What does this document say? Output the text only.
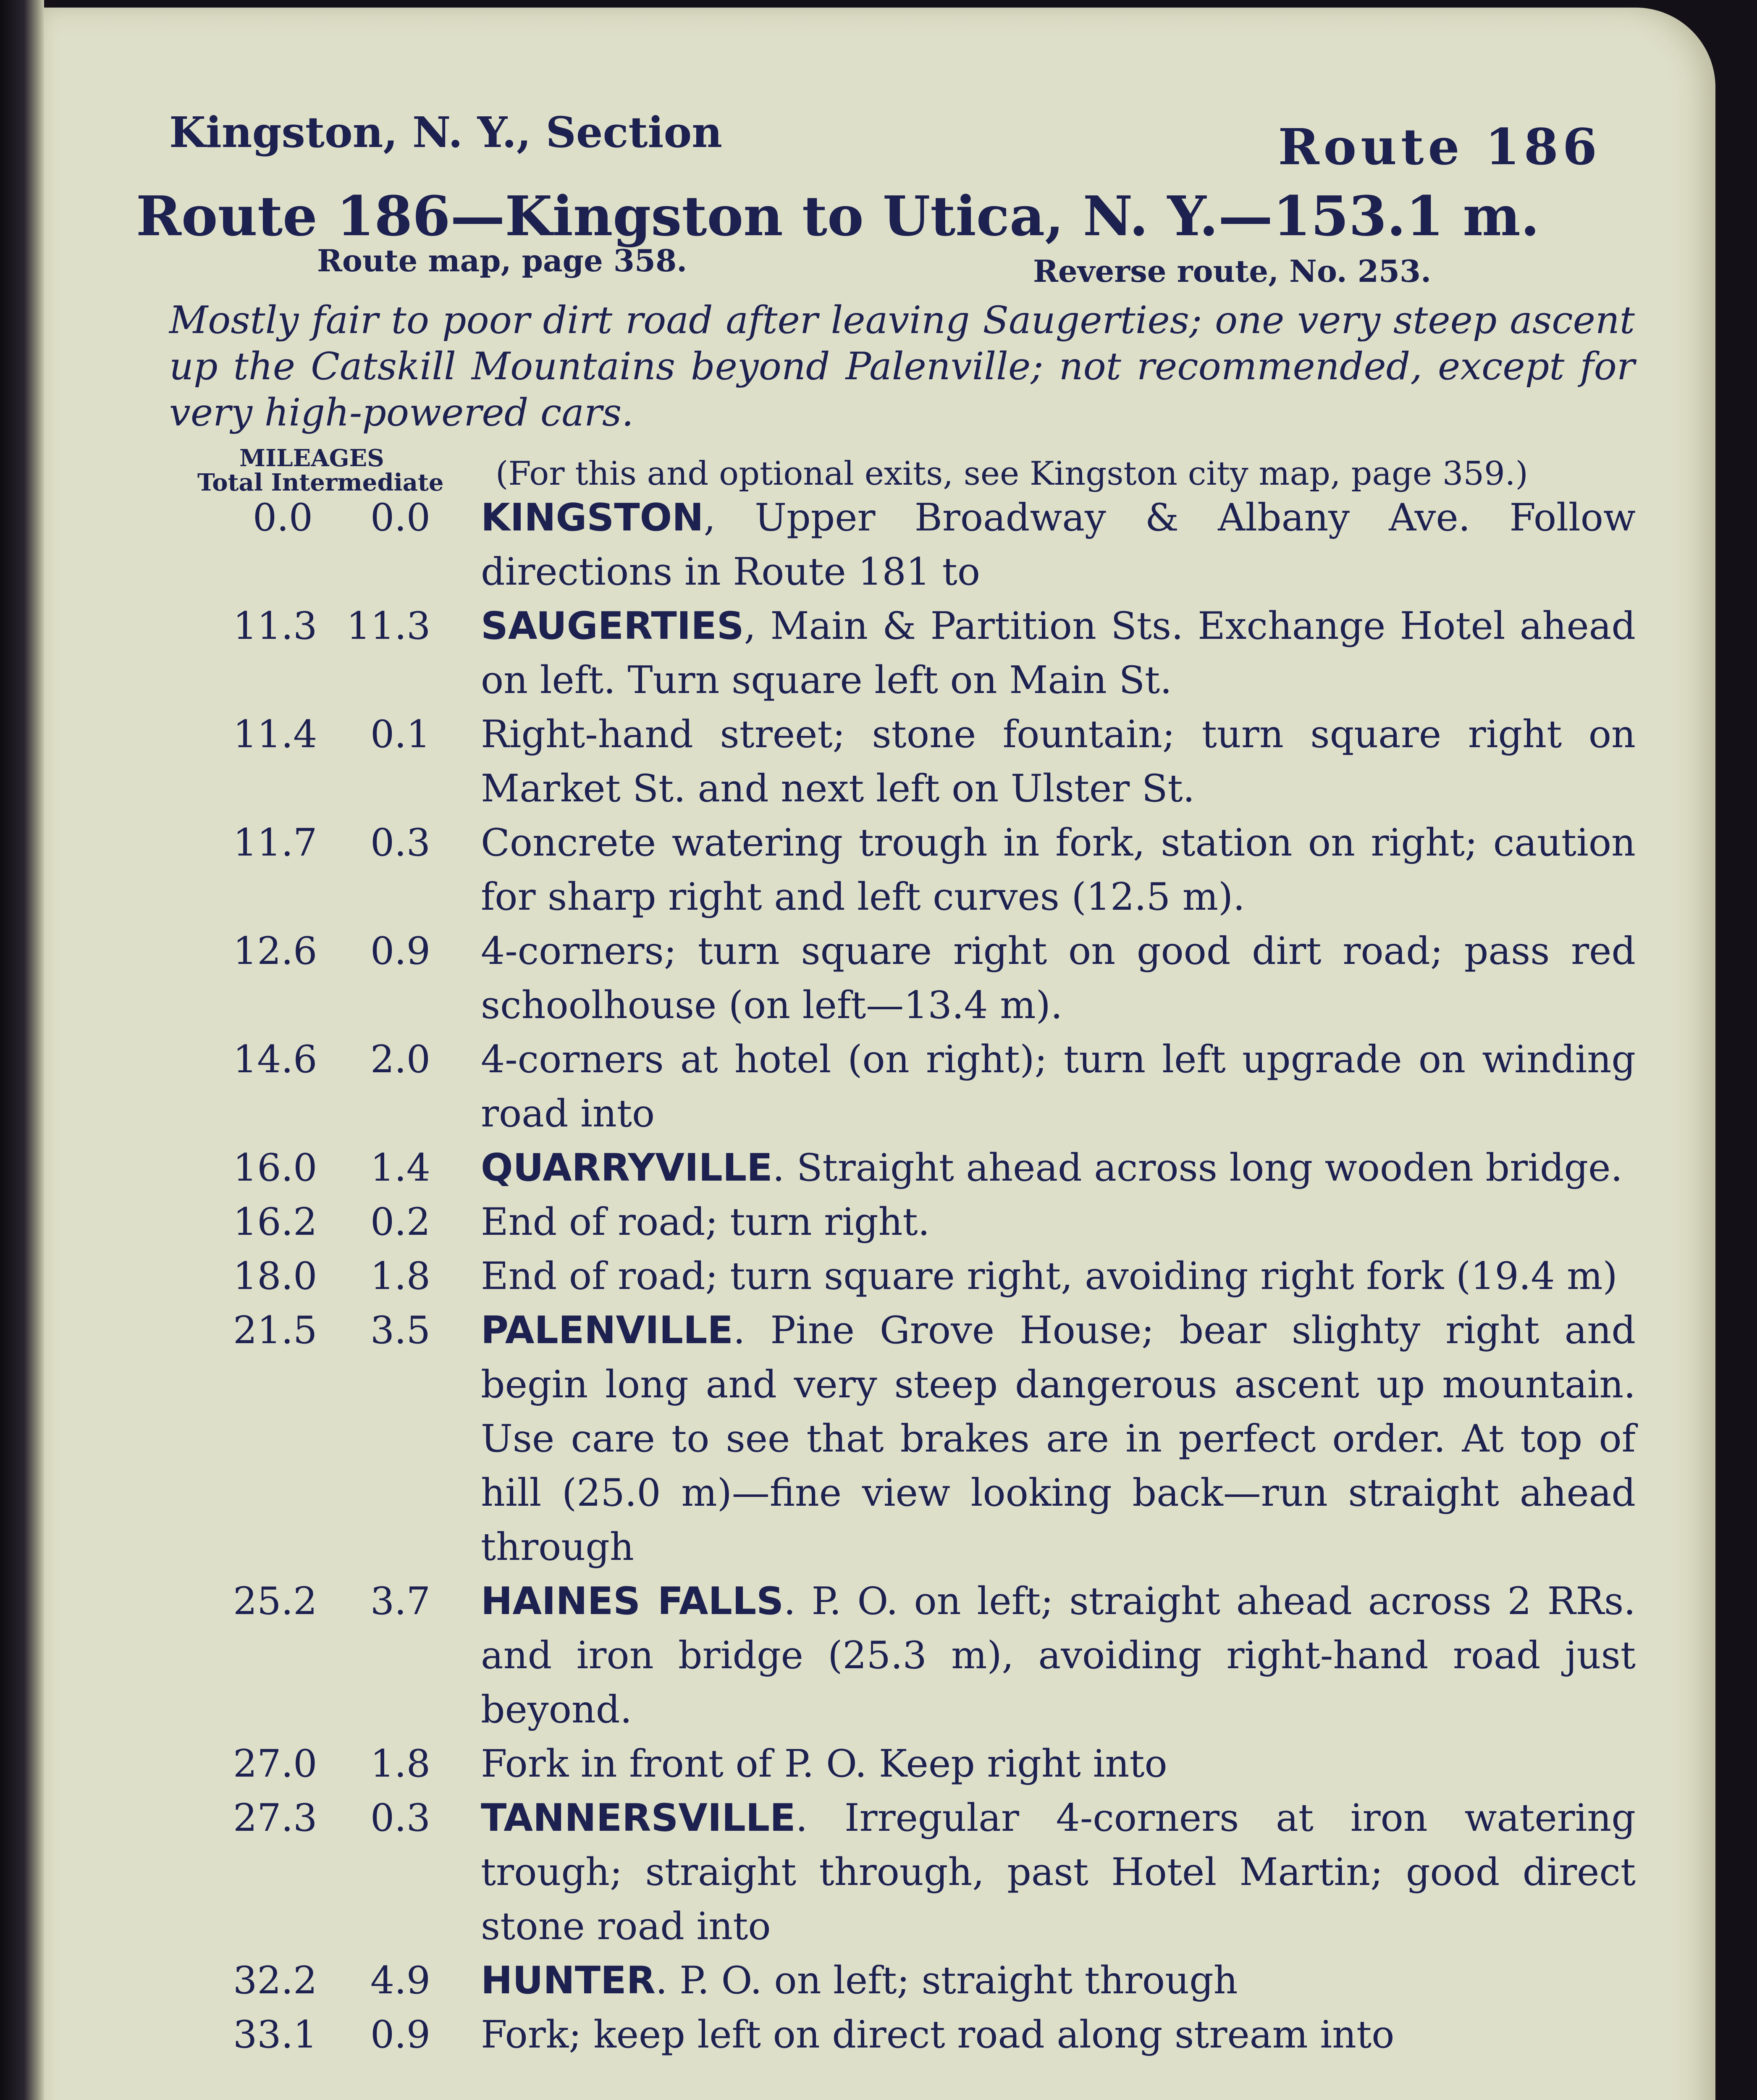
Kingston, N. Y., Section	Route 186
Route 186—Kingston to Utica, N. Y.—153.1 m.
Route map, page 358.	Reverse route, No. 253.
Mostly fair to poor dirt road after leaving Saugerties; one very steep ascent up the Catskill Mountains beyond Palenville; not recommended, except for very high-powered cars.
MILEAGES
Total Intermediate (For this and optional exits, see Kingston city map, page 359.)
0.0	0.0 KINGSTON, Upper Broadway & Albany Ave. Follow directions in Route 181 to
11.3 11.3 SAUGERTIES, Main & Partition Sts. Exchange Hotel ahead on left. Turn square left on Main St.
11.4	0.1 Right-hand street; stone fountain; turn square right on Market St. and next left on Ulster St.
11.7	0.3 Concrete watering trough in fork, station on right; caution for sharp right and left curves (12.5 m).
12.6	0.9 4-corners; turn square right on good dirt road; pass red schoolhouse (on left—13.4 m).
14.6	2.0 4-corners at hotel (on right); turn left upgrade on winding road into
16.0	1.4 QUARRYVILLE. Straight ahead across long wooden bridge.
16.2	0.2 End of road; turn right.
18.0	1.8 End of road; turn square right, avoiding right fork (19.4 m)
21.5	3.5 PALENVILLE. Pine Grove House; bear slighty right and begin long and very steep dangerous ascent up mountain. Use care to see that brakes are in perfect order. At top of hill (25.0 m)—fine view looking back—run straight ahead through
25.2	3.7 HAINES FALLS. P. O. on left; straight ahead across 2 RRs. and iron bridge (25.3 m), avoiding right-hand road just beyond.
27.0	1.8 Fork in front of P. O. Keep right into
27.3	0.3 TANNERSVILLE. Irregular 4-corners at iron watering trough; straight through, past Hotel Martin; good direct stone road into
32.2	4.9 HUNTER. P. O. on left; straight through
33.1	0.9 Fork; keep left on direct road along stream into
